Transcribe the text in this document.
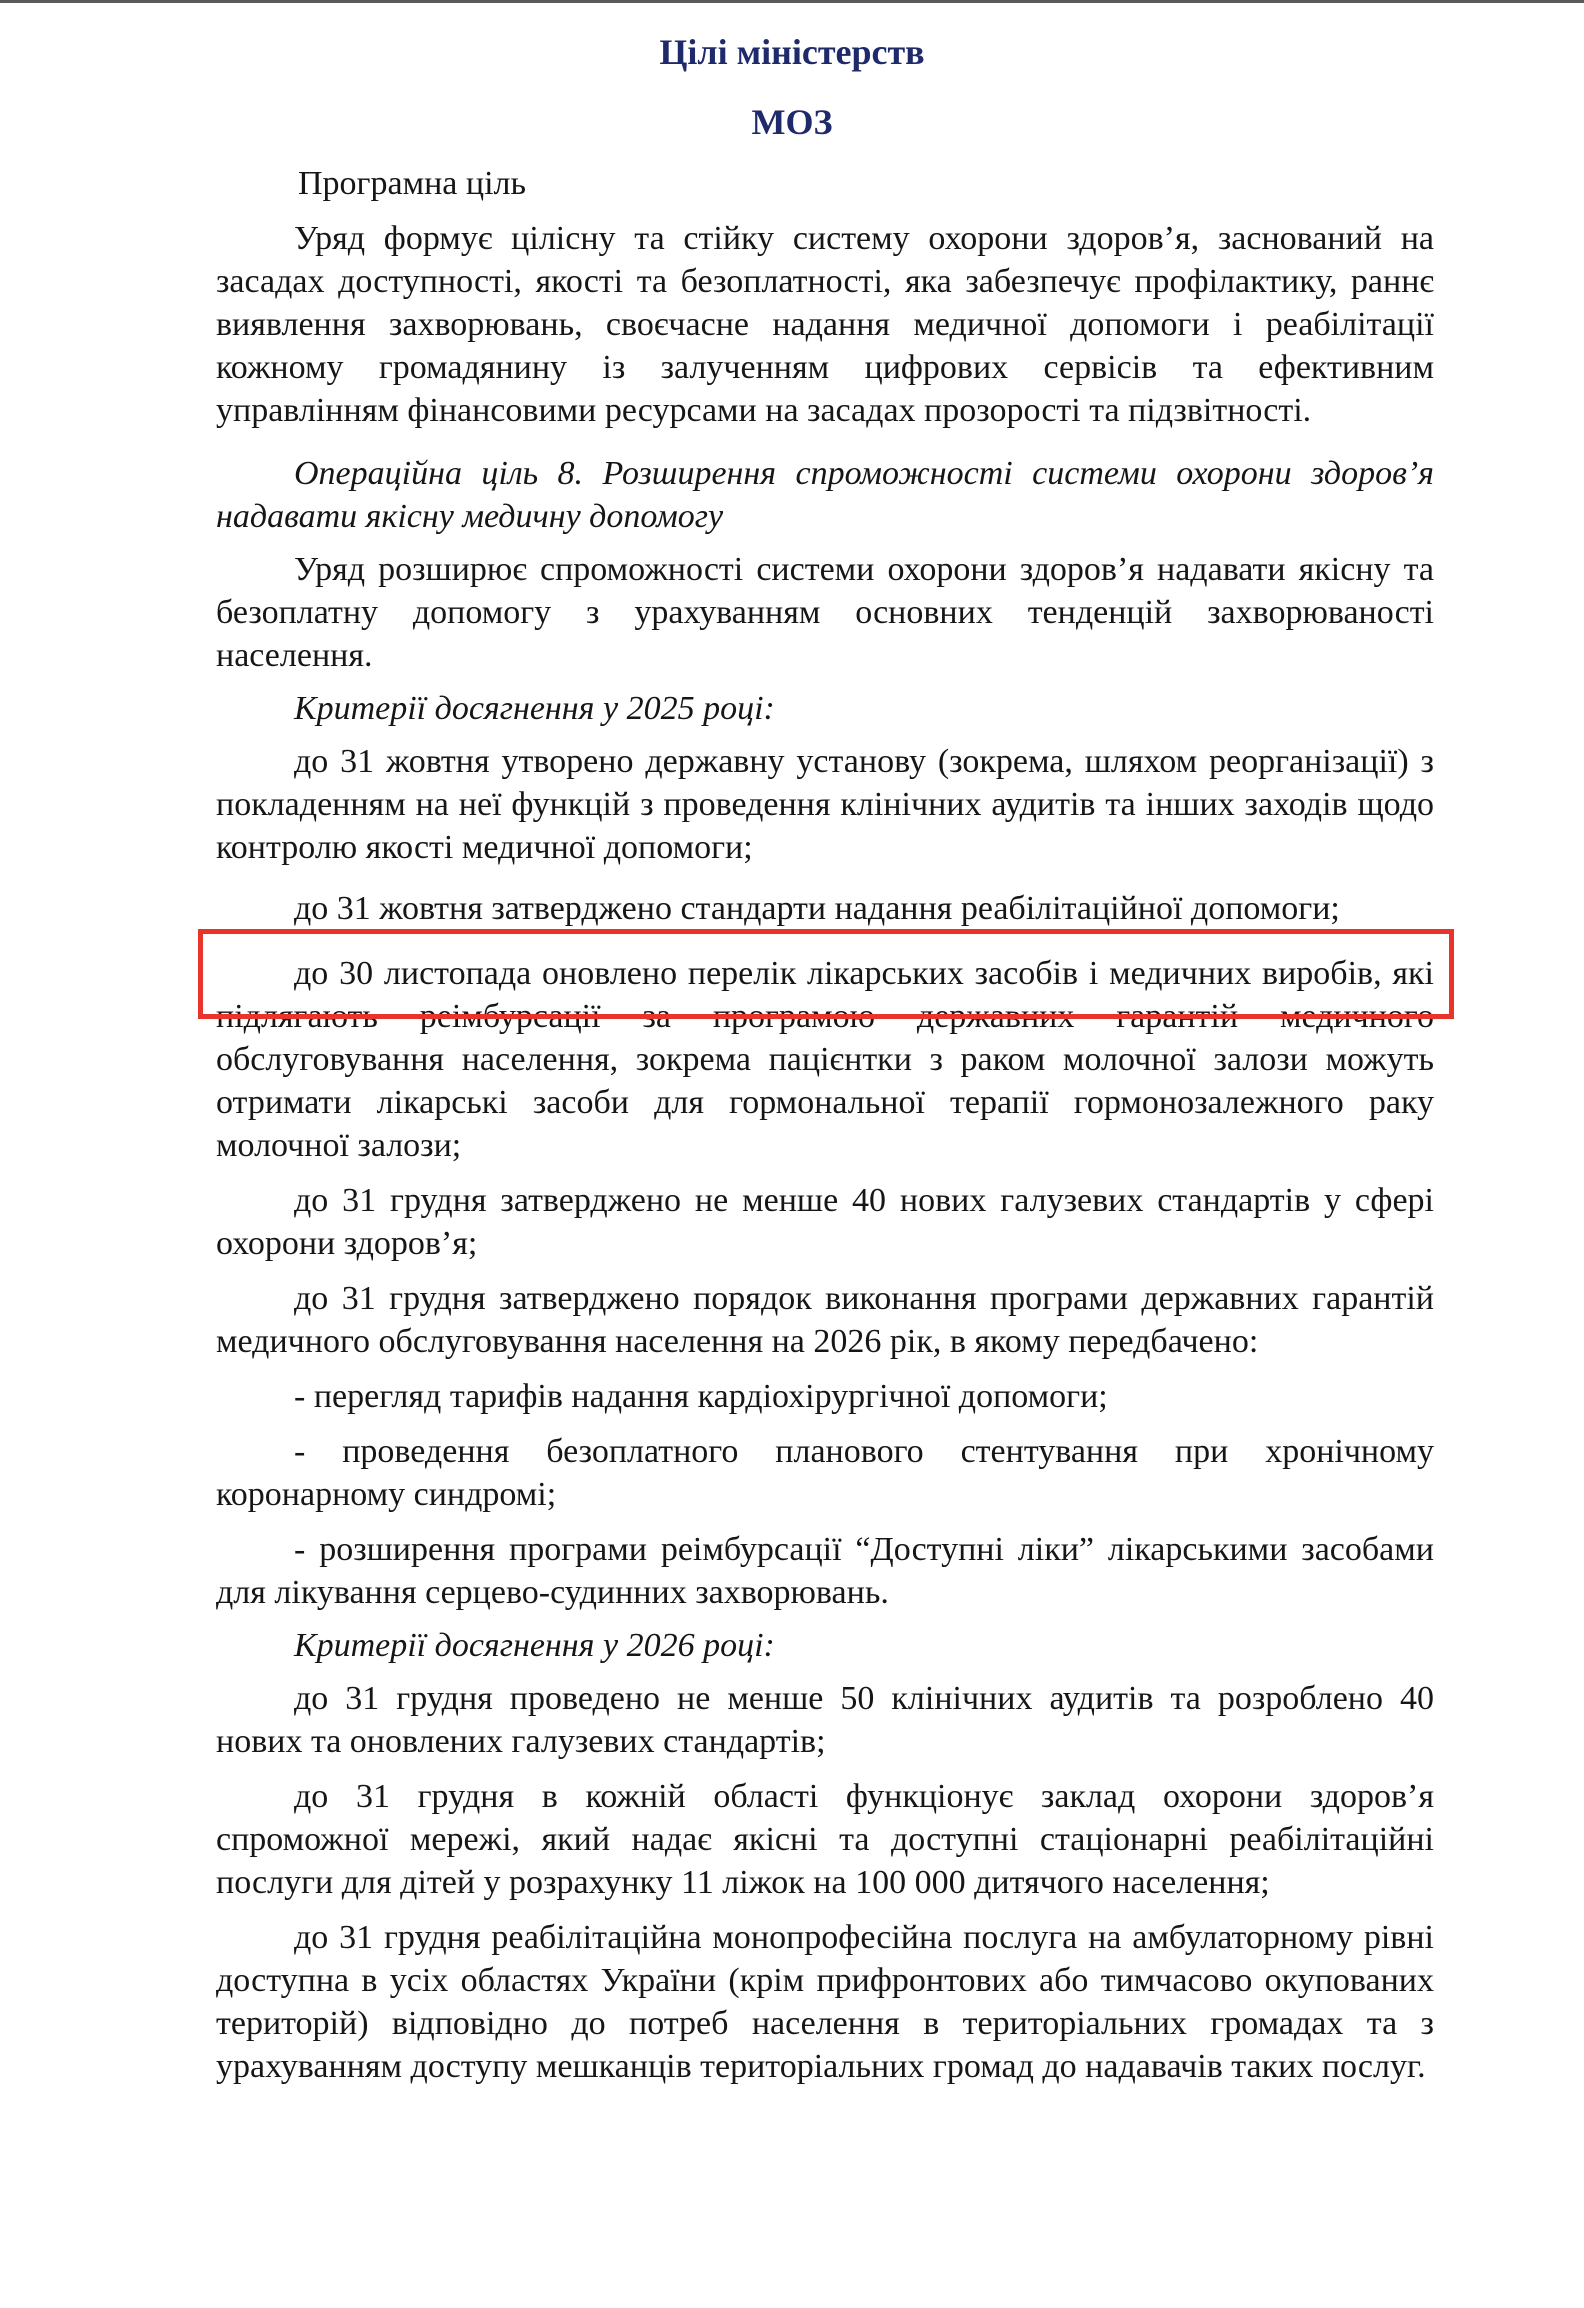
Цілі міністерств
МОЗ

Програмна ціль

Уряд формує цілісну та стійку систему охорони здоров’я, заснований на засадах доступності, якості та безоплатності, яка забезпечує профілактику, раннє виявлення захворювань, своєчасне надання медичної допомоги і реабілітації кожному громадянину із залученням цифрових сервісів та ефективним управлінням фінансовими ресурсами на засадах прозорості та підзвітності.

Операційна ціль 8. Розширення спроможності системи охорони здоров’я надавати якісну медичну допомогу

Уряд розширює спроможності системи охорони здоров’я надавати якісну та безоплатну допомогу з урахуванням основних тенденцій захворюваності населення.

Критерії досягнення у 2025 році:

до 31 жовтня утворено державну установу (зокрема, шляхом реорганізації) з покладенням на неї функцій з проведення клінічних аудитів та інших заходів щодо контролю якості медичної допомоги;

до 31 жовтня затверджено стандарти надання реабілітаційної допомоги;

до 30 листопада оновлено перелік лікарських засобів і медичних виробів, які підлягають реімбурсації за програмою державних гарантій медичного обслуговування населення, зокрема пацієнтки з раком молочної залози можуть отримати лікарські засоби для гормональної терапії гормонозалежного раку молочної залози;

до 31 грудня затверджено не менше 40 нових галузевих стандартів у сфері охорони здоров’я;

до 31 грудня затверджено порядок виконання програми державних гарантій медичного обслуговування населення на 2026 рік, в якому передбачено:

- перегляд тарифів надання кардіохірургічної допомоги;

- проведення безоплатного планового стентування при хронічному коронарному синдромі;

- розширення програми реімбурсації “Доступні ліки” лікарськими засобами для лікування серцево-судинних захворювань.

Критерії досягнення у 2026 році:

до 31 грудня проведено не менше 50 клінічних аудитів та розроблено 40 нових та оновлених галузевих стандартів;

до 31 грудня в кожній області функціонує заклад охорони здоров’я спроможної мережі, який надає якісні та доступні стаціонарні реабілітаційні послуги для дітей у розрахунку 11 ліжок на 100 000 дитячого населення;

до 31 грудня реабілітаційна монопрофесійна послуга на амбулаторному рівні доступна в усіх областях України (крім прифронтових або тимчасово окупованих територій) відповідно до потреб населення в територіальних громадах та з урахуванням доступу мешканців територіальних громад до надавачів таких послуг.
